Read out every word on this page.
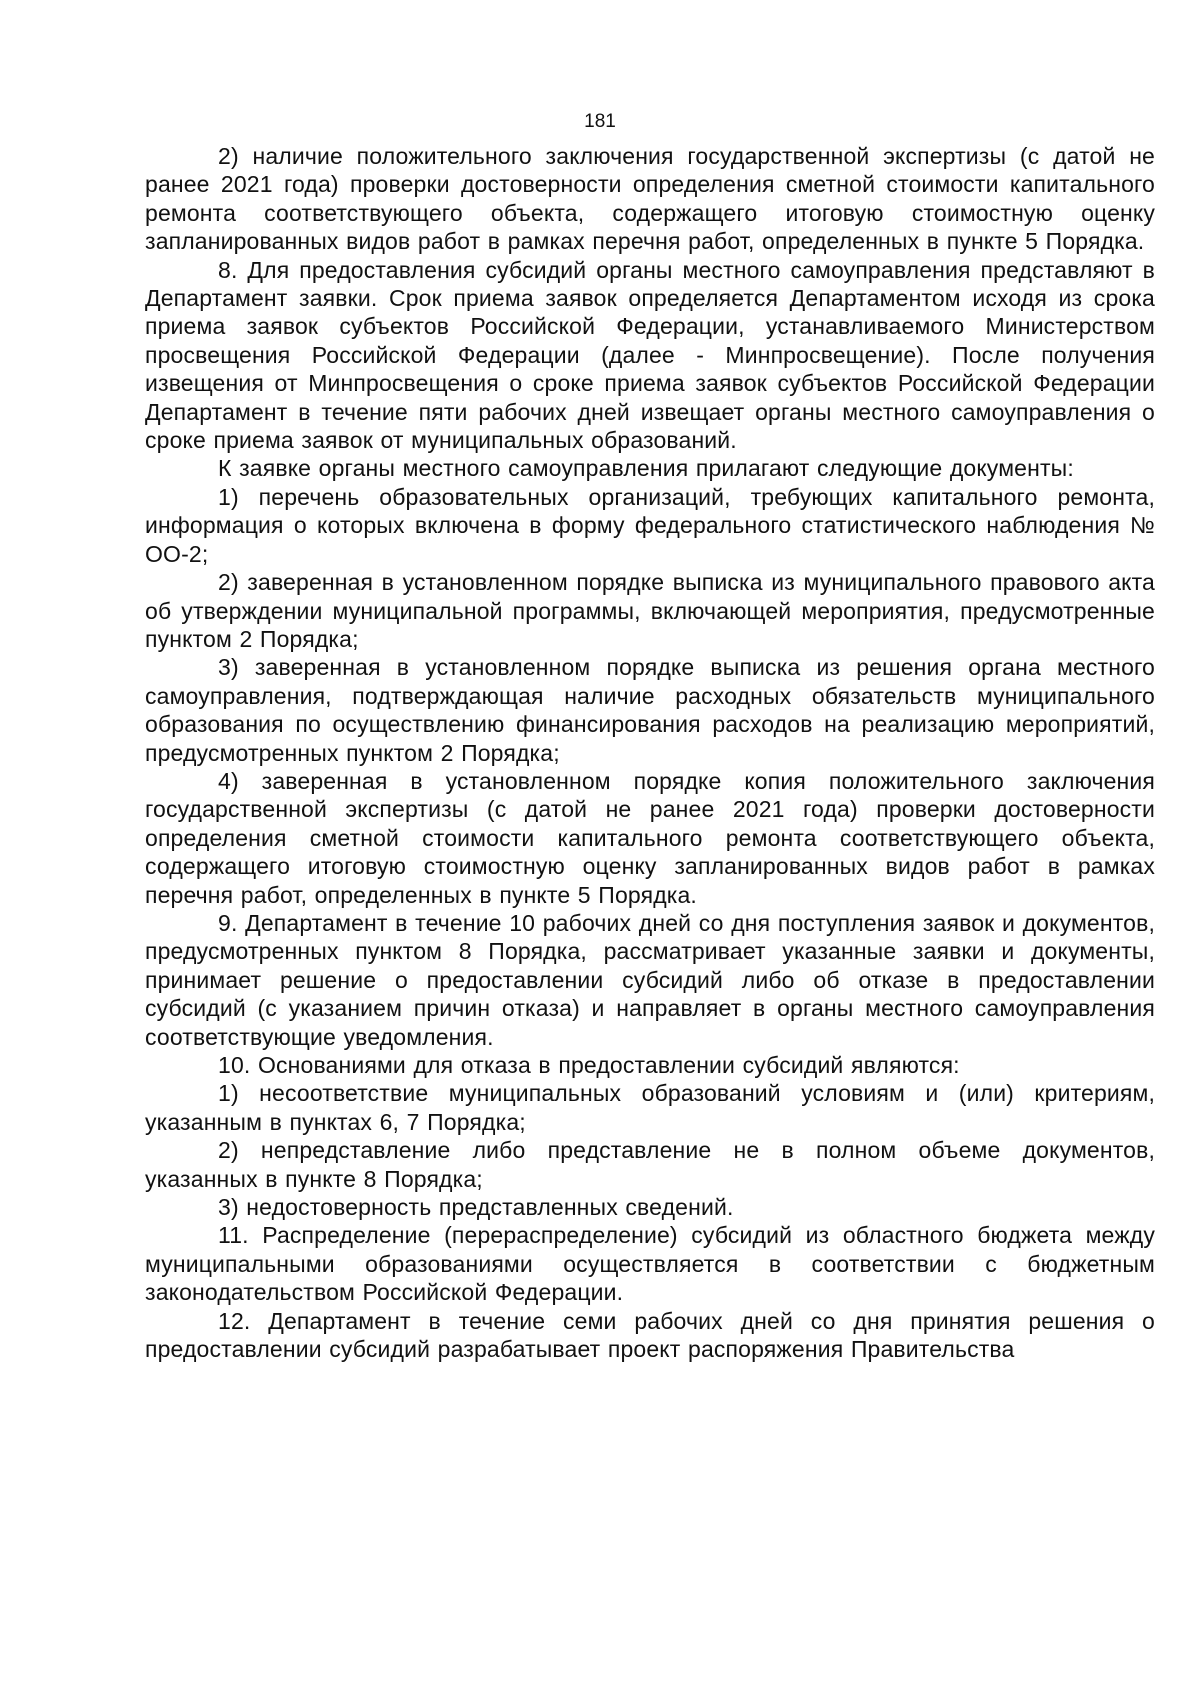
181

2) наличие положительного заключения государственной экспертизы (с датой не ранее 2021 года) проверки достоверности определения сметной стоимости капитального ремонта соответствующего объекта, содержащего итоговую стоимостную оценку запланированных видов работ в рамках перечня работ, определенных в пункте 5 Порядка.

8. Для предоставления субсидий органы местного самоуправления представляют в Департамент заявки. Срок приема заявок определяется Департаментом исходя из срока приема заявок субъектов Российской Федерации, устанавливаемого Министерством просвещения Российской Федерации (далее - Минпросвещение). После получения извещения от Минпросвещения о сроке приема заявок субъектов Российской Федерации Департамент в течение пяти рабочих дней извещает органы местного самоуправления о сроке приема заявок от муниципальных образований.

К заявке органы местного самоуправления прилагают следующие документы:

1) перечень образовательных организаций, требующих капитального ремонта, информация о которых включена в форму федерального статистического наблюдения № ОО-2;

2) заверенная в установленном порядке выписка из муниципального правового акта об утверждении муниципальной программы, включающей мероприятия, предусмотренные пунктом 2 Порядка;

3) заверенная в установленном порядке выписка из решения органа местного самоуправления, подтверждающая наличие расходных обязательств муниципального образования по осуществлению финансирования расходов на реализацию мероприятий, предусмотренных пунктом 2 Порядка;

4) заверенная в установленном порядке копия положительного заключения государственной экспертизы (с датой не ранее 2021 года) проверки достоверности определения сметной стоимости капитального ремонта соответствующего объекта, содержащего итоговую стоимостную оценку запланированных видов работ в рамках перечня работ, определенных в пункте 5 Порядка.

9. Департамент в течение 10 рабочих дней со дня поступления заявок и документов, предусмотренных пунктом 8 Порядка, рассматривает указанные заявки и документы, принимает решение о предоставлении субсидий либо об отказе в предоставлении субсидий (с указанием причин отказа) и направляет в органы местного самоуправления соответствующие уведомления.

10. Основаниями для отказа в предоставлении субсидий являются:

1) несоответствие муниципальных образований условиям и (или) критериям, указанным в пунктах 6, 7 Порядка;

2) непредставление либо представление не в полном объеме документов, указанных в пункте 8 Порядка;

3) недостоверность представленных сведений.

11. Распределение (перераспределение) субсидий из областного бюджета между муниципальными образованиями осуществляется в соответствии с бюджетным законодательством Российской Федерации.

12. Департамент в течение семи рабочих дней со дня принятия решения о предоставлении субсидий разрабатывает проект распоряжения Правительства
